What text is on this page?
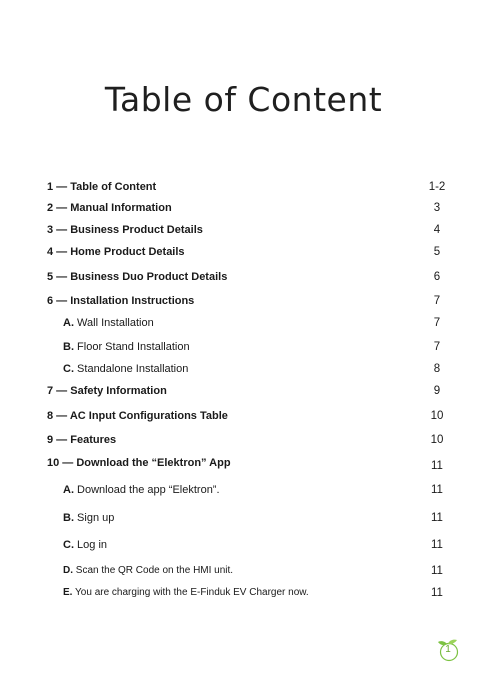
Table of Content
1 — Table of Content	1-2
2 — Manual Information	3
3 — Business Product Details	4
4 — Home Product Details	5
5 — Business Duo Product Details	6
6 — Installation Instructions	7
A. Wall Installation	7
B. Floor Stand Installation	7
C. Standalone Installation	8
7 — Safety Information	9
8 — AC Input Configurations Table	10
9 — Features	10
10 — Download the “Elektron” App	11
A. Download the app “Elektron”.	11
B. Sign up	11
C. Log in	11
D. Scan the QR Code on the HMI unit.	11
E. You are charging with the E-Finduk EV Charger now.	11
1
